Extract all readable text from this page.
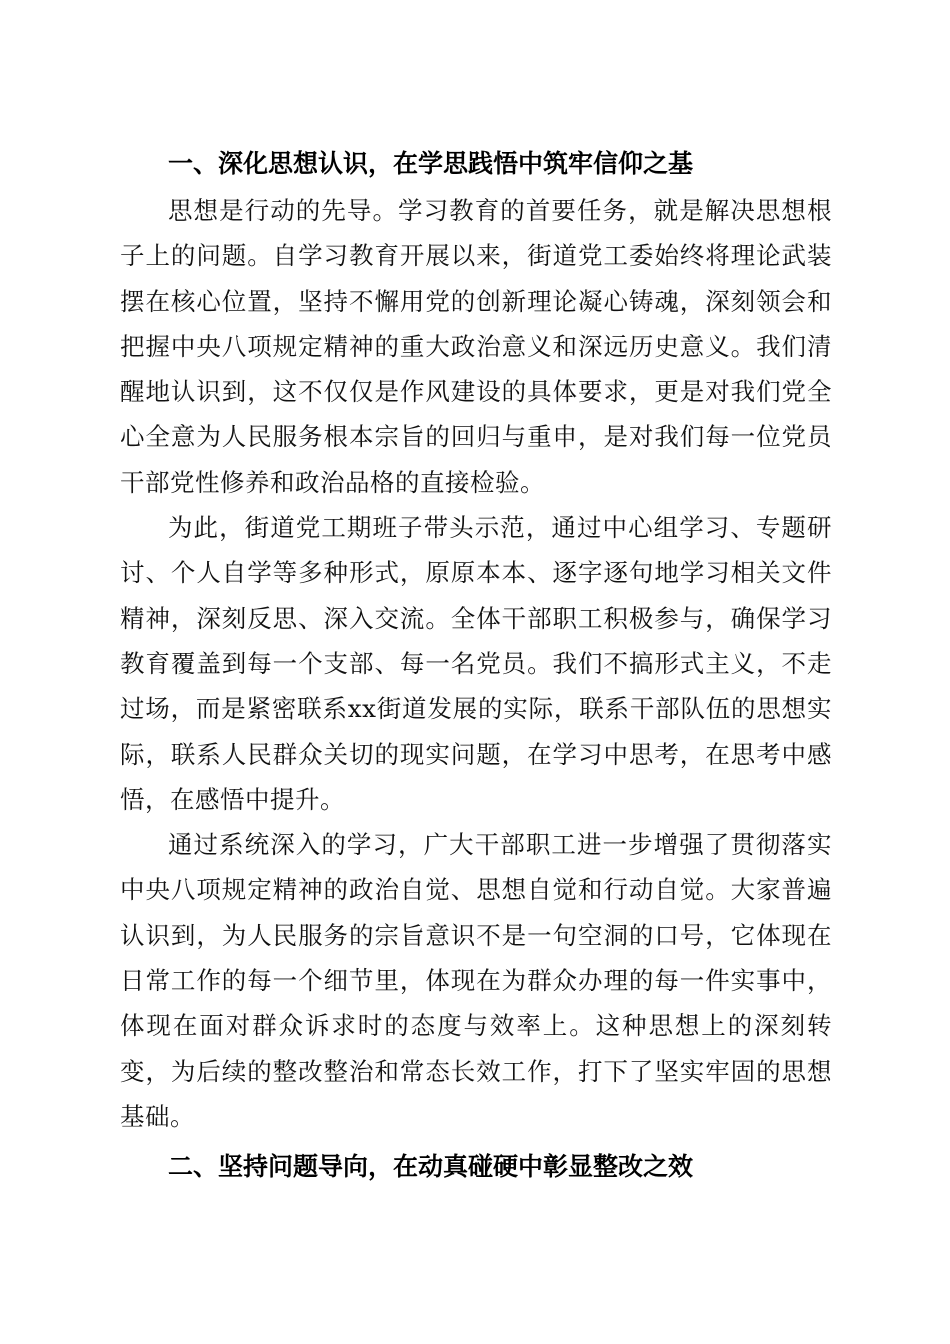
一、深化思想认识，在学思践悟中筑牢信仰之基

思想是行动的先导。学习教育的首要任务，就是解决思想根子上的问题。自学习教育开展以来，街道党工委始终将理论武装摆在核心位置，坚持不懈用党的创新理论凝心铸魂，深刻领会和把握中央八项规定精神的重大政治意义和深远历史意义。我们清醒地认识到，这不仅仅是作风建设的具体要求，更是对我们党全心全意为人民服务根本宗旨的回归与重申，是对我们每一位党员干部党性修养和政治品格的直接检验。

为此，街道党工期班子带头示范，通过中心组学习、专题研讨、个人自学等多种形式，原原本本、逐字逐句地学习相关文件精神，深刻反思、深入交流。全体干部职工积极参与，确保学习教育覆盖到每一个支部、每一名党员。我们不搞形式主义，不走过场，而是紧密联系xx街道发展的实际，联系干部队伍的思想实际，联系人民群众关切的现实问题，在学习中思考，在思考中感悟，在感悟中提升。

通过系统深入的学习，广大干部职工进一步增强了贯彻落实中央八项规定精神的政治自觉、思想自觉和行动自觉。大家普遍认识到，为人民服务的宗旨意识不是一句空洞的口号，它体现在日常工作的每一个细节里，体现在为群众办理的每一件实事中，体现在面对群众诉求时的态度与效率上。这种思想上的深刻转变，为后续的整改整治和常态长效工作，打下了坚实牢固的思想基础。

二、坚持问题导向，在动真碰硬中彰显整改之效
